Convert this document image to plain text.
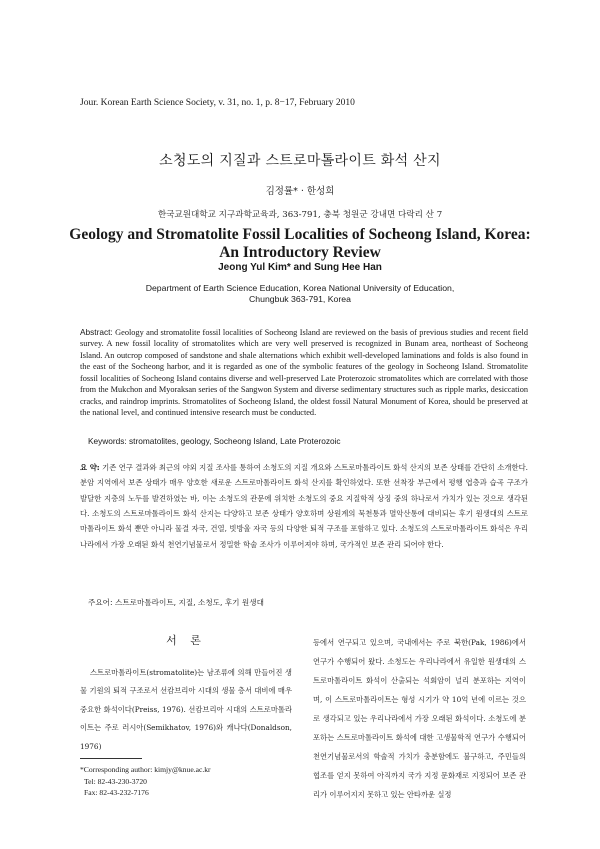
Jour. Korean Earth Science Society, v. 31, no. 1, p. 8−17, February 2010
소청도의 지질과 스트로마톨라이트 화석 산지
김정률* · 한성희
한국교원대학교 지구과학교육과, 363-791, 충북 청원군 강내면 다락리 산 7
Geology and Stromatolite Fossil Localities of Socheong Island, Korea:
An Introductory Review
Jeong Yul Kim* and Sung Hee Han
Department of Earth Science Education, Korea National University of Education,
Chungbuk 363-791, Korea
Abstract: Geology and stromatolite fossil localities of Socheong Island are reviewed on the basis of previous studies and recent field survey. A new fossil locality of stromatolites which are very well preserved is recognized in Bunam area, northeast of Socheong Island. An outcrop composed of sandstone and shale alternations which exhibit well-developed laminations and folds is also found in the east of the Socheong harbor, and it is regarded as one of the symbolic features of the geology in Socheong Island. Stromatolite fossil localities of Socheong Island contains diverse and well-preserved Late Proterozoic stromatolites which are correlated with those from the Mukchon and Myoraksan series of the Sangwon System and diverse sedimentary structures such as ripple marks, desiccation cracks, and raindrop imprints. Stromatolites of Socheong Island, the oldest fossil Natural Monument of Korea, should be preserved at the national level, and continued intensive research must be conducted.
Keywords: stromatolites, geology, Socheong Island, Late Proterozoic
요 약: 기존 연구 결과와 최근의 야외 지질 조사를 통하여 소청도의 지질 개요와 스트로마톨라이트 화석 산지의 보존 상태를 간단히 소개한다. 분암 지역에서 보존 상태가 매우 양호한 새로운 스트로마톨라이트 화석 산지를 확인하였다. 또한 선착장 부근에서 평행 엽층과 습곡 구조가 발달한 지층의 노두를 발견하였는 바, 이는 소청도의 관문에 위치한 소청도의 중요 지질학적 상징 중의 하나로서 가치가 있는 것으로 생각된다. 소청도의 스트로마톨라이트 화석 산지는 다양하고 보존 상태가 양호하며 상원계의 묵천통과 멸악산통에 대비되는 후기 원생대의 스트로마톨라이트 화석 뿐만 아니라 물결 자국, 건열, 빗방울 자국 등의 다양한 퇴적 구조를 포함하고 있다. 소청도의 스트로마톨라이트 화석은 우리나라에서 가장 오래된 화석 천연기념물로서 정밀한 학술 조사가 이루어져야 하며, 국가적인 보존 관리 되어야 한다.
주요어: 스트로마톨라이트, 지질, 소청도, 후기 원생대
서 론
스트로마톨라이트(stromatolite)는 남조류에 의해 만들어진 생물 기원의 퇴적 구조로서 선캄브리아 시대의 생물 층서 대비에 매우 중요한 화석이다(Preiss, 1976). 선캄브리아 시대의 스트로마톨라이트는 주로 러시아(Semikhatov, 1976)와 캐나다(Donaldson, 1976)
등에서 연구되고 있으며, 국내에서는 주로 북한(Pak, 1986)에서 연구가 수행되어 왔다. 소청도는 우리나라에서 유일한 원생대의 스트로마톨라이트 화석이 산출되는 석회암이 널리 분포하는 지역이며, 이 스트로마톨라이트는 형성 시기가 약 10억 년에 이르는 것으로 생각되고 있는 우리나라에서 가장 오래된 화석이다. 소청도에 분포하는 스트로마톨라이트 화석에 대한 고생물학적 연구가 수행되어 천연기념물로서의 학술적 가치가 충분함에도 불구하고, 주민들의 협조를 얻지 못하여 아직까지 국가 지정 문화재로 지정되어 보존 관리가 이루어지지 못하고 있는 안타까운 실정
*Corresponding author: kimjy@knue.ac.kr
Tel: 82-43-230-3720
Fax: 82-43-232-7176
